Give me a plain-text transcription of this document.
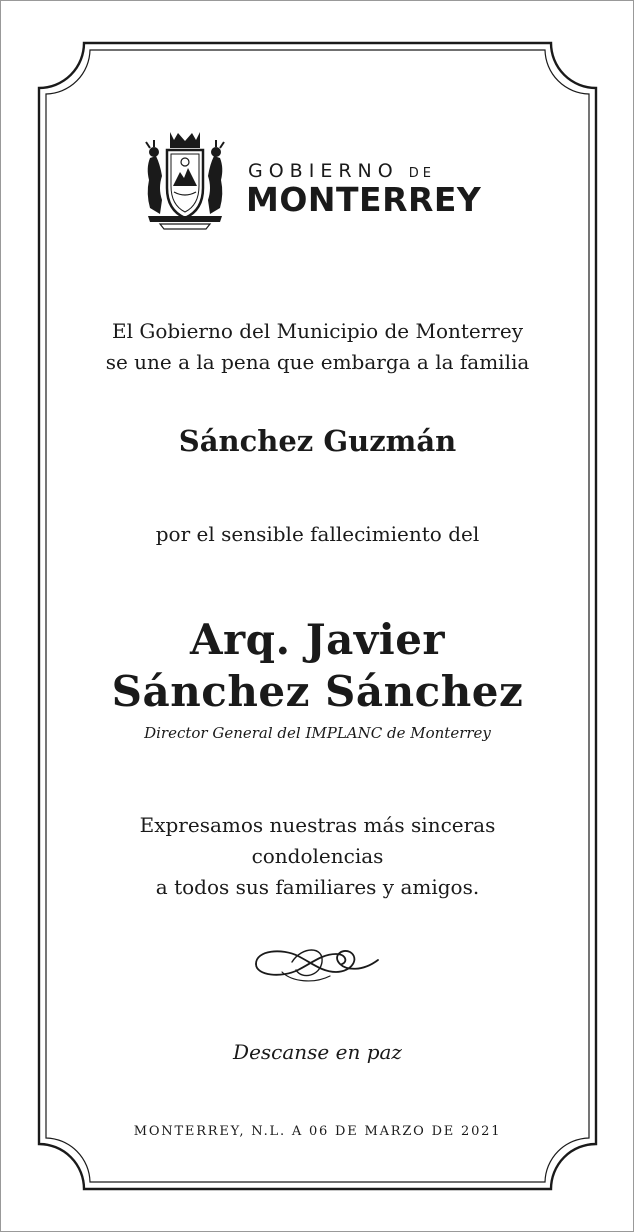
GOBIERNO DE
MONTERREY
El Gobierno del Municipio de Monterrey
se une a la pena que embarga a la familia
Sánchez Guzmán
por el sensible fallecimiento del
Arq. Javier
Sánchez Sánchez
Director General del IMPLANC de Monterrey
Expresamos nuestras más sinceras
condolencias
a todos sus familiares y amigos.
Descanse en paz
MONTERREY, N.L. A 06 DE MARZO DE 2021
